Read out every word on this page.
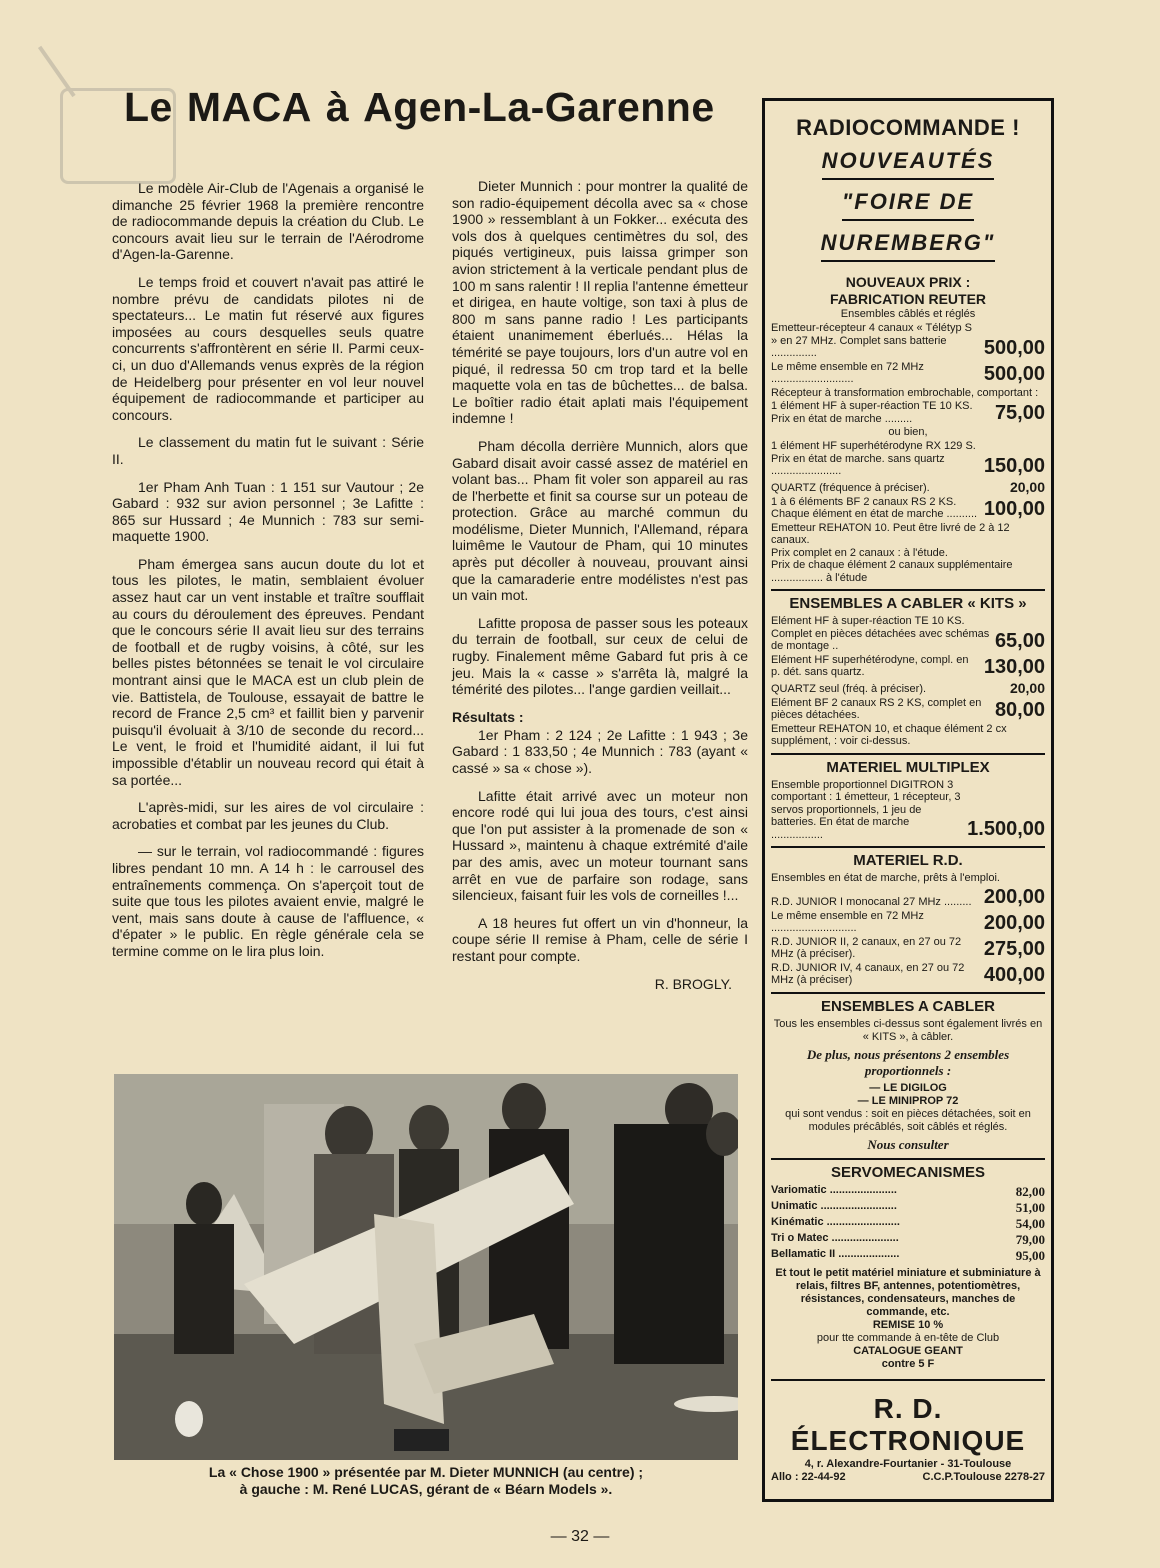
Le MACA à Agen-La-Garenne

Le modèle Air-Club de l'Agenais a organisé le dimanche 25 février 1968 la première rencontre de radiocommande depuis la création du Club. Le concours avait lieu sur le terrain de l'Aérodrome d'Agen-la-Garenne.

Le temps froid et couvert n'avait pas attiré le nombre prévu de candidats pilotes ni de spectateurs... Le matin fut réservé aux figures imposées au cours desquelles seuls quatre concurrents s'affrontèrent en série II. Parmi ceux-ci, un duo d'Allemands venus exprès de la région de Heidelberg pour présenter en vol leur nouvel équipement de radiocommande et participer au concours.

Le classement du matin fut le suivant : Série II.

1er Pham Anh Tuan : 1 151 sur Vautour ; 2e Gabard : 932 sur avion personnel ; 3e Lafitte : 865 sur Hussard ; 4e Munnich : 783 sur semi-maquette 1900.

Pham émergea sans aucun doute du lot et tous les pilotes, le matin, semblaient évoluer assez haut car un vent instable et traître soufflait au cours du déroulement des épreuves. Pendant que le concours série II avait lieu sur des terrains de football et de rugby voisins, à côté, sur les belles pistes bétonnées se tenait le vol circulaire montrant ainsi que le MACA est un club plein de vie. Battistela, de Toulouse, essayait de battre le record de France 2,5 cm³ et faillit bien y parvenir puisqu'il évoluait à 3/10 de seconde du record... Le vent, le froid et l'humidité aidant, il lui fut impossible d'établir un nouveau record qui était à sa portée...

L'après-midi, sur les aires de vol circulaire : acrobaties et combat par les jeunes du Club.

— sur le terrain, vol radiocommandé : figures libres pendant 10 mn. A 14 h : le carrousel des entraînements commença. On s'aperçoit tout de suite que tous les pilotes avaient envie, malgré le vent, mais sans doute à cause de l'affluence, « d'épater » le public. En règle générale cela se termine comme on le lira plus loin.

Dieter Munnich : pour montrer la qualité de son radio-équipement décolla avec sa « chose 1900 » ressemblant à un Fokker... exécuta des vols dos à quelques centimètres du sol, des piqués vertigineux, puis laissa grimper son avion strictement à la verticale pendant plus de 100 m sans ralentir ! Il replia l'antenne émetteur et dirigea, en haute voltige, son taxi à plus de 800 m sans panne radio ! Les participants étaient unanimement éberlués... Hélas la témérité se paye toujours, lors d'un autre vol en piqué, il redressa 50 cm trop tard et la belle maquette vola en tas de bûchettes... de balsa. Le boîtier radio était aplati mais l'équipement indemne !

Pham décolla derrière Munnich, alors que Gabard disait avoir cassé assez de matériel en volant bas... Pham fit voler son appareil au ras de l'herbette et finit sa course sur un poteau de protection. Grâce au marché commun du modélisme, Dieter Munnich, l'Allemand, répara luimême le Vautour de Pham, qui 10 minutes après put décoller à nouveau, prouvant ainsi que la camaraderie entre modélistes n'est pas un vain mot.

Lafitte proposa de passer sous les poteaux du terrain de football, sur ceux de celui de rugby. Finalement même Gabard fut pris à ce jeu. Mais la « casse » s'arrêta là, malgré la témérité des pilotes... l'ange gardien veillait...

Résultats :

1er Pham : 2 124 ; 2e Lafitte : 1 943 ; 3e Gabard : 1 833,50 ; 4e Munnich : 783 (ayant « cassé » sa « chose »).

Lafitte était arrivé avec un moteur non encore rodé qui lui joua des tours, c'est ainsi que l'on put assister à la promenade de son « Hussard », maintenu à chaque extrémité d'aile par des amis, avec un moteur tournant sans arrêt en vue de parfaire son rodage, sans silencieux, faisant fuir les vols de corneilles !...

A 18 heures fut offert un vin d'honneur, la coupe série II remise à Pham, celle de série I restant pour compte.

R. BROGLY.

La « Chose 1900 » présentée par M. Dieter MUNNICH (au centre) ;
à gauche : M. René LUCAS, gérant de « Béarn Models ».
RADIOCOMMANDE !
NOUVEAUTÉS
"FOIRE DE
NUREMBERG"
NOUVEAUX PRIX :
FABRICATION REUTER
Ensembles câblés et réglés
Emetteur-récepteur 4 canaux « Télétyp S » en 27 MHz. Complet sans batterie ...............	500,00
Le même ensemble en 72 MHz ...........................	500,00
Récepteur à transformation embrochable, comportant :
1 élément HF à super-réaction TE 10 KS. Prix en état de marche .........	75,00
ou bien,
1 élément HF superhétérodyne RX 129 S. Prix en état de marche. sans quartz .......................	150,00
QUARTZ (fréquence à préciser).	20,00
1 à 6 éléments BF 2 canaux RS 2 KS. Chaque élément en état de marche .......... 100,00
Emetteur REHATON 10. Peut être livré de 2 à 12 canaux.
Prix complet en 2 canaux : à l'étude.
Prix de chaque élément 2 canaux supplémentaire ................. à l'étude
ENSEMBLES A CABLER « KITS »
Elément HF à super-réaction TE 10 KS. Complet en pièces détachées avec schémas de montage ..	65,00
Elément HF superhétérodyne, compl. en p. dét. sans quartz.	130,00
QUARTZ seul (fréq. à préciser).	20,00
Elément BF 2 canaux RS 2 KS, complet en pièces détachées.	80,00
Emetteur REHATON 10, et chaque élément 2 cx supplément, : voir ci-dessus.
MATERIEL MULTIPLEX
Ensemble proportionnel DIGITRON 3 comportant : 1 émetteur, 1 récepteur, 3 servos proportionnels, 1 jeu de batteries. En état de marche .................	1.500,00
MATERIEL R.D.
Ensembles en état de marche, prêts à l'emploi.
R.D. JUNIOR I monocanal 27 MHz ......... 200,00
Le même ensemble en 72 MHz ............................	200,00
R.D. JUNIOR II, 2 canaux, en 27 ou 72 MHz (à préciser).	275,00
R.D. JUNIOR IV, 4 canaux, en 27 ou 72 MHz (à préciser)	400,00
ENSEMBLES A CABLER
Tous les ensembles ci-dessus sont également livrés en « KITS », à câbler.
De plus, nous présentons 2 ensembles proportionnels :
— LE DIGILOG
— LE MINIPROP 72
qui sont vendus : soit en pièces détachées, soit en modules précâblés, soit câblés et réglés.
Nous consulter
SERVOMECANISMES
Variomatic ......................	82,00
Unimatic .........................	51,00
Kinématic ........................	54,00
Tri o Matec ......................	79,00
Bellamatic II ....................	95,00
Et tout le petit matériel miniature et subminiature à relais, filtres BF, antennes, potentiomètres, résistances, condensateurs, manches de commande, etc.
REMISE 10 %
pour tte commande à en-tête de Club
CATALOGUE GEANT
contre 5 F
R. D. ÉLECTRONIQUE
4, r. Alexandre-Fourtanier - 31-Toulouse
Allo : 22-44-92	C.C.P.Toulouse 2278-27
— 32 —
